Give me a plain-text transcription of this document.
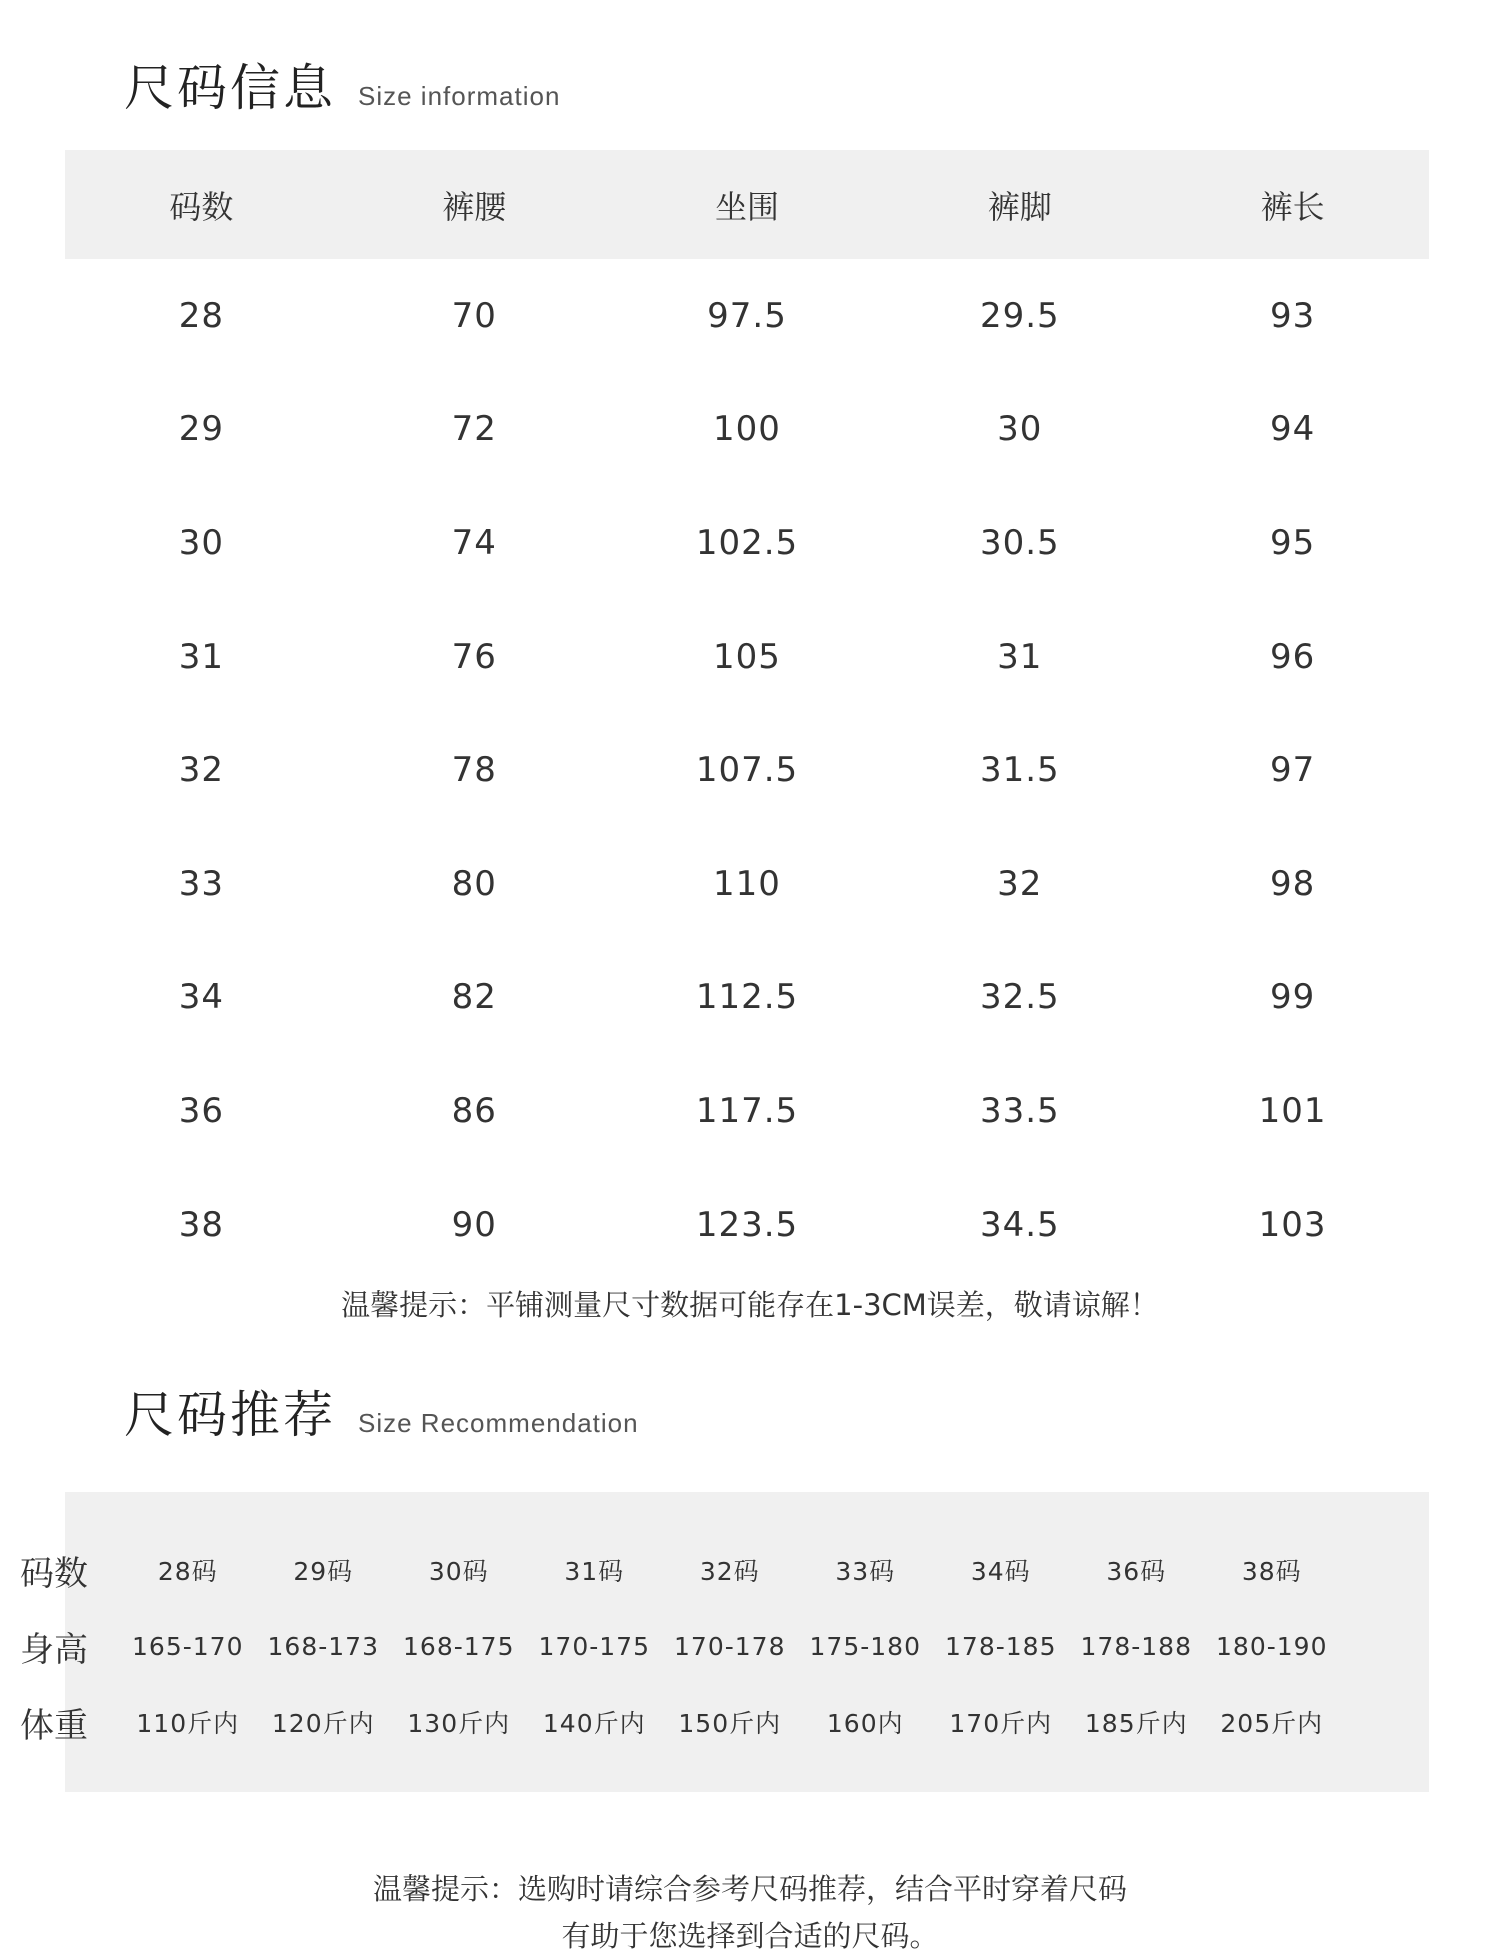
尺码信息 Size information
码数	裤腰	坐围	裤脚	裤长
28	70	97.5	29.5	93
29	72	100	30	94
30	74	102.5	30.5	95
31	76	105	31	96
32	78	107.5	31.5	97
33	80	110	32	98
34	82	112.5	32.5	99
36	86	117.5	33.5	101
38	90	123.5	34.5	103
温馨提示：平铺测量尺寸数据可能存在1-3CM误差，敬请谅解！
尺码推荐 Size Recommendation
码数	28码	29码	30码	31码	32码	33码	34码	36码	38码
身高	165-170 168-173 168-175 170-175 170-178 175-180 178-185 178-188 180-190
体重	110斤内	120斤内	130斤内	140斤内	150斤内	160内	170斤内	185斤内	205斤内
温馨提示：选购时请综合参考尺码推荐，结合平时穿着尺码
有助于您选择到合适的尺码。
